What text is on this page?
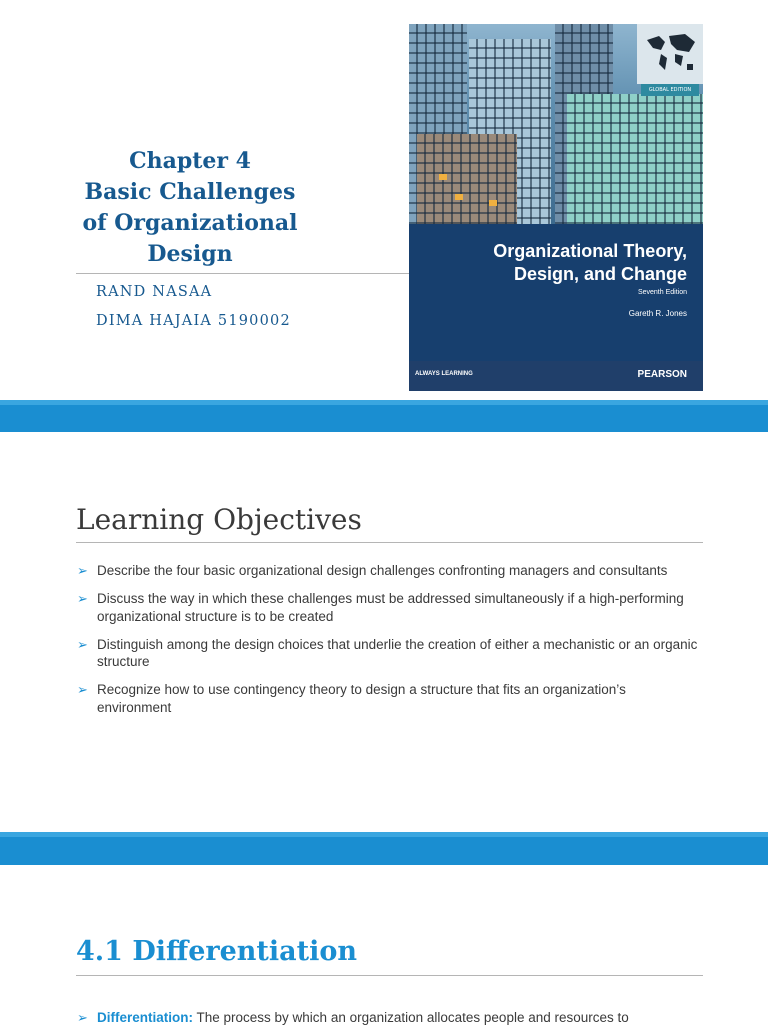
Chapter 4
Basic Challenges
of Organizational
Design
RAND NASAA
DIMA HAJAIA 5190002
GLOBAL EDITION
Organizational Theory,
Design, and Change
Seventh Edition
Gareth R. Jones
ALWAYS LEARNING	PEARSON
Learning Objectives
➢ Describe the four basic organizational design challenges confronting managers and consultants
➢ Discuss the way in which these challenges must be addressed simultaneously if a high-performing organizational structure is to be created
➢ Distinguish among the design choices that underlie the creation of either a mechanistic or an organic structure
➢ Recognize how to use contingency theory to design a structure that fits an organization’s environment
4.1 Differentiation
➢ Differentiation: The process by which an organization allocates people and resources to
